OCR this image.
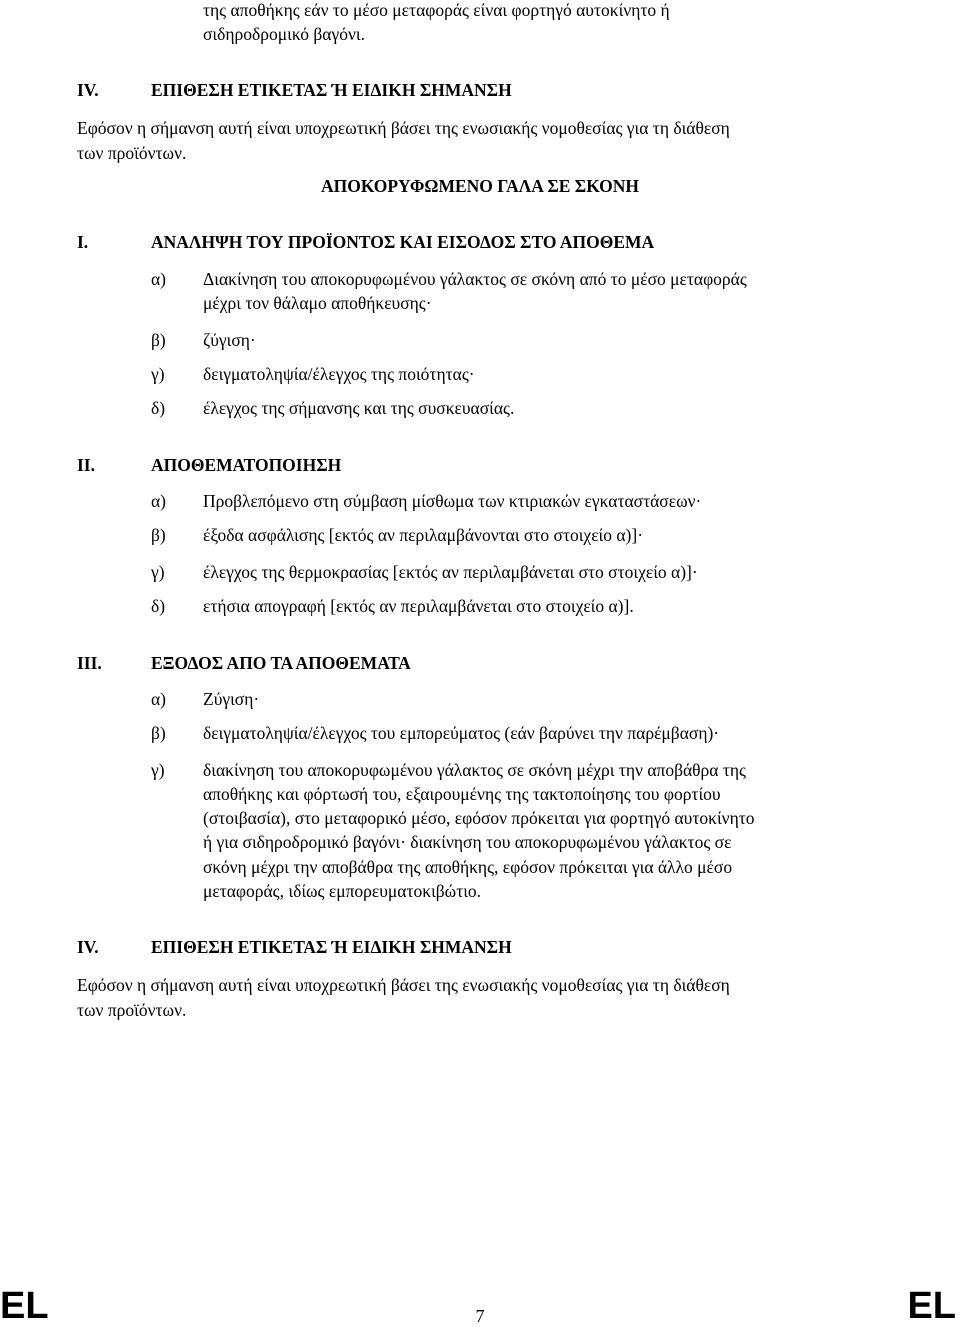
της αποθήκης εάν το μέσο μεταφοράς είναι φορτηγό αυτοκίνητο ή
σιδηροδρομικό βαγόνι.
IV.	ΕΠΙΘΕΣΗ ΕΤΙΚΕΤΑΣ Ή ΕΙΔΙΚΗ ΣΗΜΑΝΣΗ
Εφόσον η σήμανση αυτή είναι υποχρεωτική βάσει της ενωσιακής νομοθεσίας για τη διάθεση
των προϊόντων.
ΑΠΟΚΟΡΥΦΩΜΕΝΟ ΓΑΛΑ ΣΕ ΣΚΟΝΗ
I.	ΑΝΑΛΗΨΗ ΤΟΥ ΠΡΟΪΟΝΤΟΣ ΚΑΙ ΕΙΣΟΔΟΣ ΣΤΟ ΑΠΟΘΕΜΑ
α) Διακίνηση του αποκορυφωμένου γάλακτος σε σκόνη από το μέσο μεταφοράς
μέχρι τον θάλαμο αποθήκευσης·
β) ζύγιση·
γ) δειγματοληψία/έλεγχος της ποιότητας·
δ) έλεγχος της σήμανσης και της συσκευασίας.
II.	ΑΠΟΘΕΜΑΤΟΠΟΙΗΣΗ
α) Προβλεπόμενο στη σύμβαση μίσθωμα των κτιριακών εγκαταστάσεων·
β) έξοδα ασφάλισης [εκτός αν περιλαμβάνονται στο στοιχείο α)]·
γ) έλεγχος της θερμοκρασίας [εκτός αν περιλαμβάνεται στο στοιχείο α)]·
δ) ετήσια απογραφή [εκτός αν περιλαμβάνεται στο στοιχείο α)].
III.	ΕΞΟΔΟΣ ΑΠΟ ΤΑ ΑΠΟΘΕΜΑΤΑ
α) Ζύγιση·
β) δειγματοληψία/έλεγχος του εμπορεύματος (εάν βαρύνει την παρέμβαση)·
γ) διακίνηση του αποκορυφωμένου γάλακτος σε σκόνη μέχρι την αποβάθρα της
αποθήκης και φόρτωσή του, εξαιρουμένης της τακτοποίησης του φορτίου
(στοιβασία), στο μεταφορικό μέσο, εφόσον πρόκειται για φορτηγό αυτοκίνητο
ή για σιδηροδρομικό βαγόνι· διακίνηση του αποκορυφωμένου γάλακτος σε
σκόνη μέχρι την αποβάθρα της αποθήκης, εφόσον πρόκειται για άλλο μέσο
μεταφοράς, ιδίως εμπορευματοκιβώτιο.
IV.	ΕΠΙΘΕΣΗ ΕΤΙΚΕΤΑΣ Ή ΕΙΔΙΚΗ ΣΗΜΑΝΣΗ
Εφόσον η σήμανση αυτή είναι υποχρεωτική βάσει της ενωσιακής νομοθεσίας για τη διάθεση
των προϊόντων.
EL	7	EL
